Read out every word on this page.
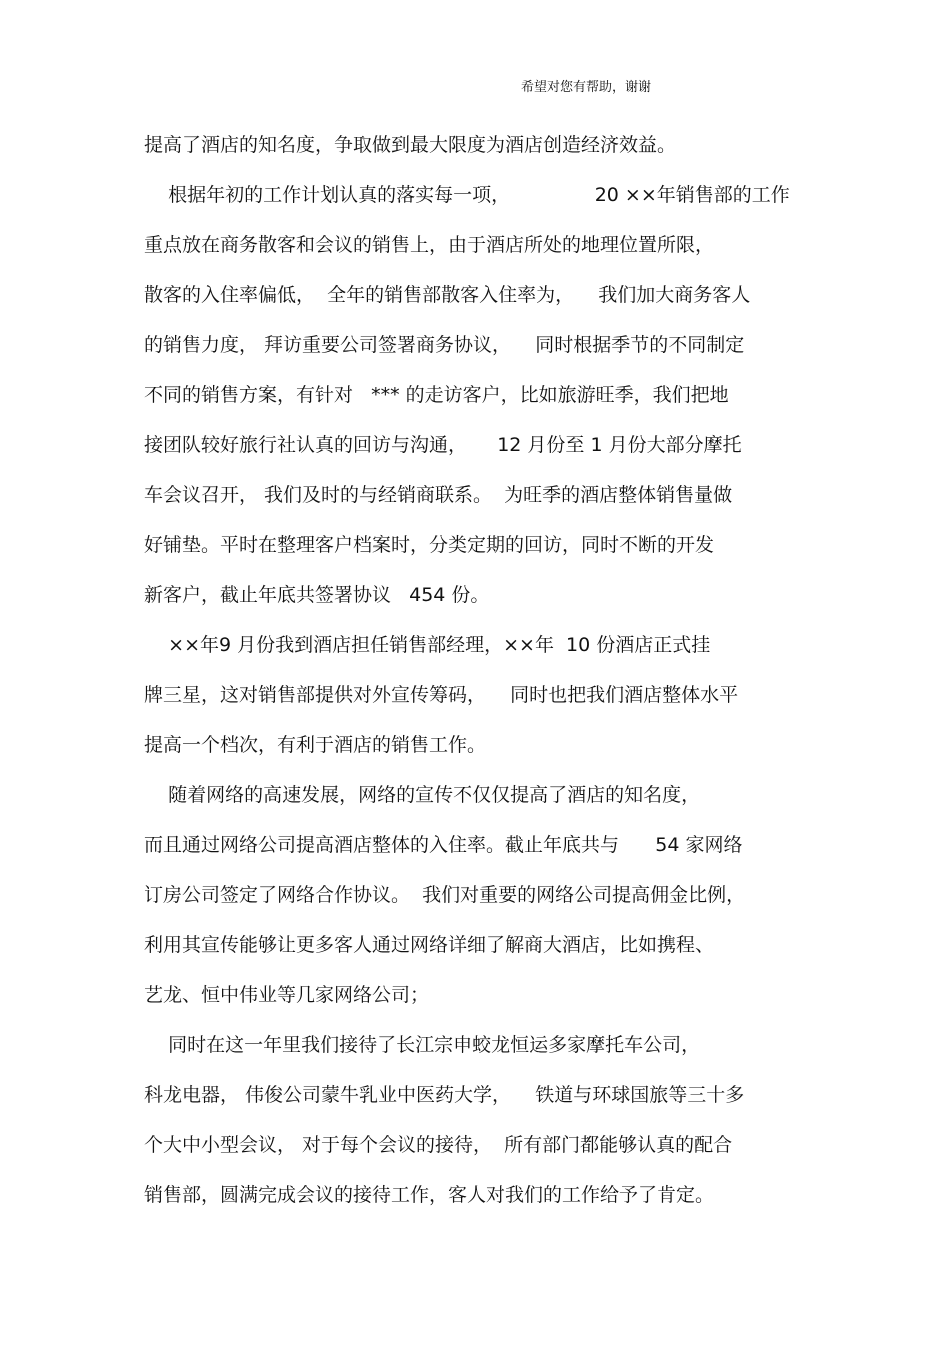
希望对您有帮助，谢谢
提高了酒店的知名度，争取做到最大限度为酒店创造经济效益。
根据年初的工作计划认真的落实每一项，              20 ××年销售部的工作
重点放在商务散客和会议的销售上，由于酒店所处的地理位置所限，
散客的入住率偏低，  全年的销售部散客入住率为，    我们加大商务客人
的销售力度， 拜访重要公司签署商务协议，    同时根据季节的不同制定
不同的销售方案，有针对   *** 的走访客户，比如旅游旺季，我们把地
接团队较好旅行社认真的回访与沟通，     12 月份至 1 月份大部分摩托
车会议召开， 我们及时的与经销商联系。  为旺季的酒店整体销售量做
好铺垫。平时在整理客户档案时，分类定期的回访，同时不断的开发
新客户，截止年底共签署协议   454 份。
××年9 月份我到酒店担任销售部经理，××年  10 份酒店正式挂
牌三星，这对销售部提供对外宣传筹码，    同时也把我们酒店整体水平
提高一个档次，有利于酒店的销售工作。
随着网络的高速发展，网络的宣传不仅仅提高了酒店的知名度，
而且通过网络公司提高酒店整体的入住率。截止年底共与      54 家网络
订房公司签定了网络合作协议。  我们对重要的网络公司提高佣金比例，
利用其宣传能够让更多客人通过网络详细了解商大酒店，比如携程、
艺龙、恒中伟业等几家网络公司；
同时在这一年里我们接待了长江宗申蛟龙恒运多家摩托车公司，
科龙电器， 伟俊公司蒙牛乳业中医药大学，    铁道与环球国旅等三十多
个大中小型会议， 对于每个会议的接待，  所有部门都能够认真的配合
销售部，圆满完成会议的接待工作，客人对我们的工作给予了肯定。
